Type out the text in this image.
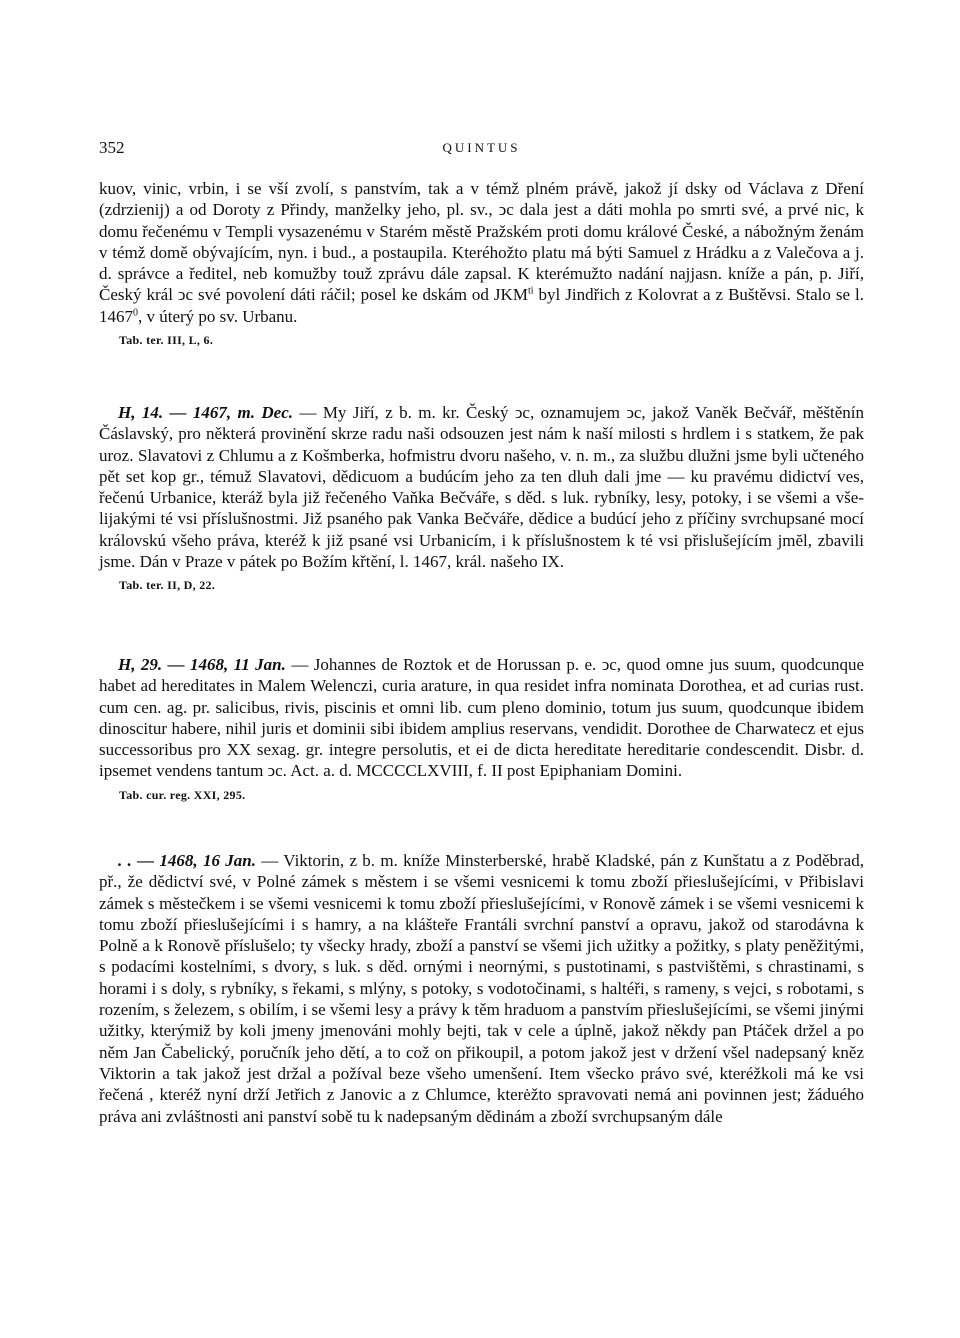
352	QUINTUS

kuov, vinic, vrbin, i se vší zvolí, s panstvím, tak a v témž plném právě, jakož jí dsky od Václava z Dření (zdrzienij) a od Doroty z Přindy, manželky jeho, pl. sv., ↄc dala jest a dáti mohla po smrti své, a prvé nic, k domu řečenému v Templi vysazenému v Starém městě Pražském proti domu králové České, a nábožným ženám v témž domě obývajícím, nyn. i bud., a postaupila. Kteréhožto platu má býti Samuel z Hrádku a z Valečova a j. d. správce a ředitel, neb komužby touž zprávu dále zapsal. K kterémužto nadání najjasn. kníže a pán, p. Jiří, Český král ↄc své povolení dáti ráčil; posel ke dskám od $JKM^{ti}$ byl Jindřich z Kolovrat a z Buštěvsi. Stalo se l. 1467$^0$, v úterý po sv. Urbanu.

Tab. ter. III, L, 6.

H, 14. — 1467, m. Dec. — My Jiří, z b. m. kr. Český ↄc, oznamujem ↄc, jakož Vaněk Bečvář, měštěnín Čáslavský, pro některá provinění skrze radu naši odsouzen jest nám k naší milosti s hrdlem i s statkem, že pak uroz. Slavatovi z Chlumu a z Košmberka, hofmistru dvoru našeho, v. n. m., za službu dlužni jsme byli učteného pět set kop gr., témuž Slavatovi, dědicuom a budúcím jeho za ten dluh dali jme — ku pravému didictví ves, řečenú Urbanice, kteráž byla již řečeného Vaňka Bečváře, s děd. s luk. rybníky, lesy, potoky, i se všemi a všelijakými té vsi příslušnostmi. Již psaného pak Vanka Bečváře, dědice a budúcí jeho z příčiny svrchupsané mocí královskú všeho práva, kteréž k již psané vsi Urbanicím, i k příslušnostem k té vsi přislušejícím jmĕl, zbavili jsme. Dán v Praze v pátek po Božím křtění, l. 1467, král. našeho IX.

Tab. ter. II, D, 22.

H, 29. — 1468, 11 Jan. — Johannes de Roztok et de Horussan p. e. ↄc, quod omne jus suum, quodcunque habet ad hereditates in Malem Welenczi, curia arature, in qua residet infra nominata Dorothea, et ad curias rust. cum cen. ag. pr. salicibus, rivis, piscinis et omni lib. cum pleno dominio, totum jus suum, quodcunque ibidem dinoscitur habere, nihil juris et dominii sibi ibidem amplius reservans, vendidit. Dorothee de Charwatecz et ejus successoribus pro XX sexag. gr. integre persolutis, et ei de dicta hereditate hereditarie condescendit. Disbr. d. ipsemet vendens tantum ↄc. Act. a. d. MCCCCLXVIII, f. II post Epiphaniam Domini.

Tab. cur. reg. XXI, 295.

. . — 1468, 16 Jan. — Viktorin, z b. m. kníže Minsterberské, hrabě Kladské, pán z Kunštatu a z Poděbrad, př., že dědictví své, v Polné zámek s městem i se všemi vesnicemi k tomu zboží přieslušejícími, v Přibislavi zámek s městečkem i se všemi vesnicemi k tomu zboží přieslušejícími, v Ronově zámek i se všemi vesnicemi k tomu zboží přieslušejícími i s hamry, a na klášteře Frantáli svrchní panství a opravu, jakož od starodávna k Polně a k Ronově příslušelo; ty všecky hrady, zboží a panství se všemi jich užitky a požitky, s platy peněžitými, s podacími kostelními, s dvory, s luk. s děd. ornými i neornými, s pustotinami, s pastvištěmi, s chrastinami, s horami i s doly, s rybníky, s řekami, s mlýny, s potoky, s vodotočinami, s haltéři, s rameny, s vejci, s robotami, s rozením, s železem, s obilím, i se všemi lesy a právy k těm hraduom a panstvím přieslušejícími, se všemi jinými užitky, kterýmiž by koli jmeny jmenováni mohly bejti, tak v cele a úplně, jakož někdy pan Ptáček držel a po něm Jan Čabelický, poručník jeho dětí, a to což on přikoupil, a potom jakož jest v držení všel nadepsaný kněz Viktorin a tak jakož jest držal a požíval beze všeho umenšení. Item všecko právo své, kteréžkoli má ke vsi řečená , kteréž nyní drží Jetřich z Janovic a z Chlumce, kterėžto spravovati nemá ani povinnen jest; žáduého práva ani zvláštnosti ani panství sobě tu k nadepsaným dědinám a zboží svrchupsaným dále
